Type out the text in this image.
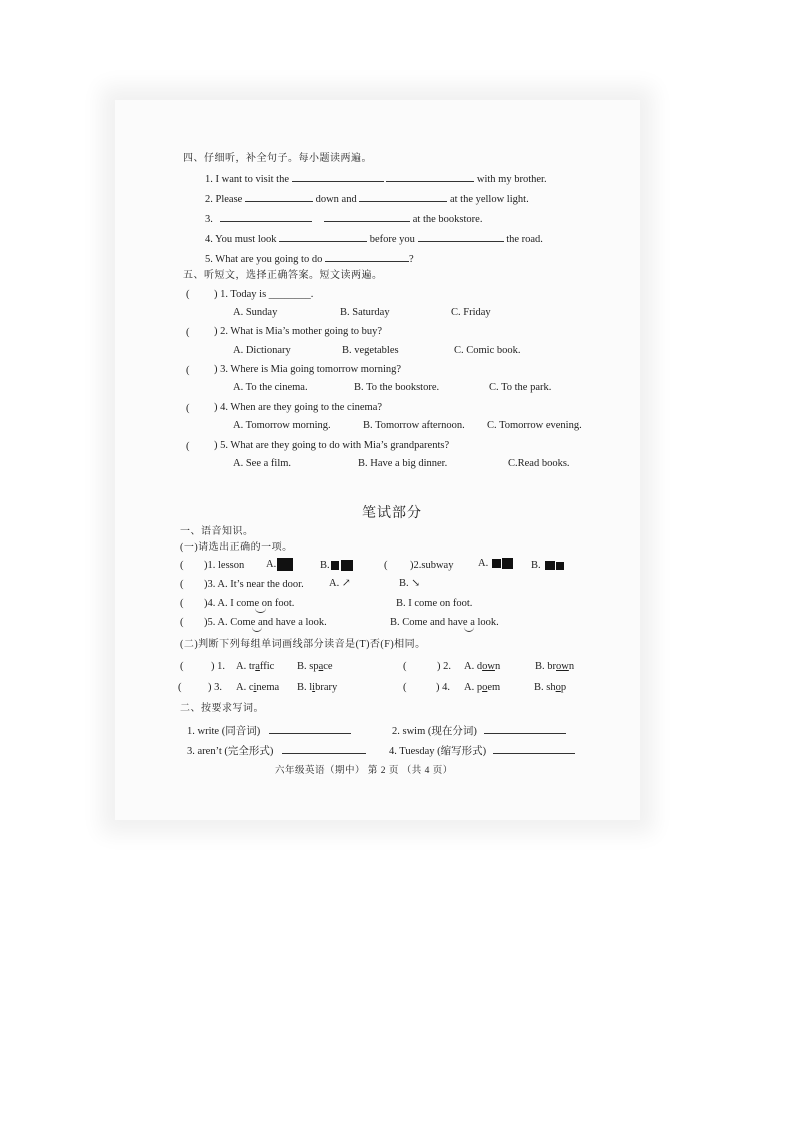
四、仔细听，补全句子。每小题读两遍。
1. I want to visit the	with my brother.
2. Please	down and	at the yellow light.
3.	at the bookstore.
4. You must look	before you	the road.
5. What are you going to do	?
五、听短文，选择正确答案。短文读两遍。
( ) 1. Today is ________.
A. Sunday	B. Saturday	C. Friday
( ) 2. What is Mia’s mother going to buy?
A. Dictionary	B. vegetables	C. Comic book.
( ) 3. Where is Mia going tomorrow morning?
A. To the cinema.	B. To the bookstore.	C. To the park.
( ) 4. When are they going to the cinema?
A. Tomorrow morning.	B. Tomorrow afternoon. C. Tomorrow evening.
( ) 5. What are they going to do with Mia’s grandparents?
A. See a film.	B. Have a big dinner.	C.Read books.
笔试部分
一、语音知识。
(一)请选出正确的一项。
( )1. lesson A.	B.	( )2.subway A.	B.
( )3. A. It’s near the door. A. ↗	B. ↘
( )4. A. I come on foot.	B. I come on foot.
( )5. A. Come and have a look.	B. Come and have a look.
(二)判断下列每组单词画线部分读音是(T)否(F)相同。
(	) 1. A. traffic B. space	(	) 2. A. down	B. brown
(	) 3. A. cinema B. library	(	) 4. A. poem	B. shop
二、按要求写词。
1. write (同音词)	2. swim (现在分词)
3. aren’t (完全形式)	4. Tuesday (缩写形式)
六年级英语（期中） 第 2 页 （共 4 页）
